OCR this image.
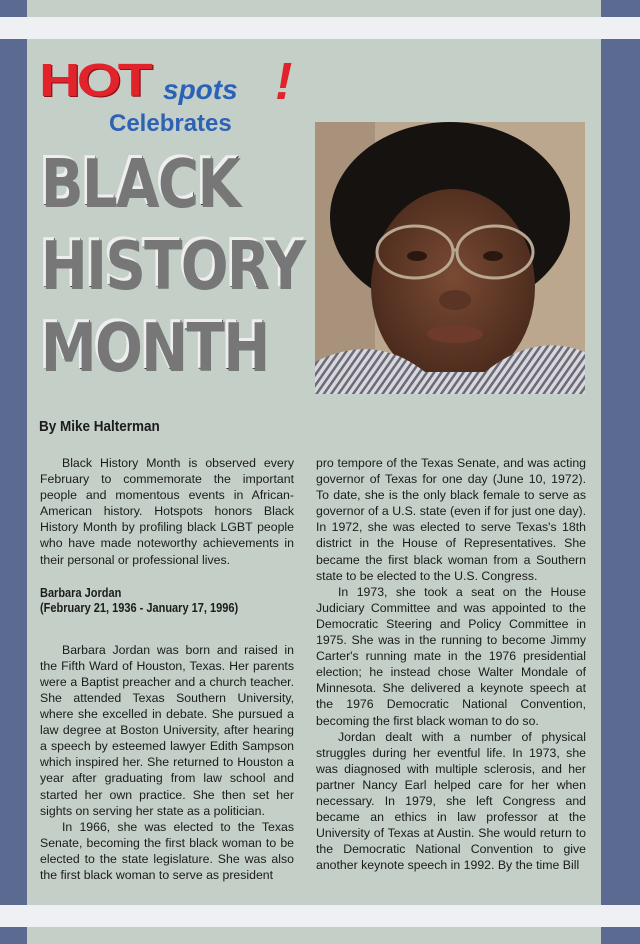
HOT spots !
Celebrates
BLACK
HISTORY
MONTH
By Mike Halterman

Black History Month is observed every February to commemorate the important people and momentous events in African-American history. Hotspots honors Black History Month by profiling black LGBT people who have made noteworthy achievements in their personal or professional lives.

Barbara Jordan
(February 21, 1936 - January 17, 1996)

Barbara Jordan was born and raised in the Fifth Ward of Houston, Texas. Her parents were a Baptist preacher and a church teacher. She attended Texas Southern University, where she excelled in debate. She pursued a law degree at Boston University, after hearing a speech by esteemed lawyer Edith Sampson which inspired her. She returned to Houston a year after graduating from law school and started her own practice. She then set her sights on serving her state as a politician.

In 1966, she was elected to the Texas Senate, becoming the first black woman to be elected to the state legislature. She was also the first black woman to serve as president

pro tempore of the Texas Senate, and was acting governor of Texas for one day (June 10, 1972). To date, she is the only black female to serve as governor of a U.S. state (even if for just one day). In 1972, she was elected to serve Texas's 18th district in the House of Representatives. She became the first black woman from a Southern state to be elected to the U.S. Congress.

In 1973, she took a seat on the House Judiciary Committee and was appointed to the Democratic Steering and Policy Committee in 1975. She was in the running to become Jimmy Carter's running mate in the 1976 presidential election; he instead chose Walter Mondale of Minnesota. She delivered a keynote speech at the 1976 Democratic National Convention, becoming the first black woman to do so.

Jordan dealt with a number of physical struggles during her eventful life. In 1973, she was diagnosed with multiple sclerosis, and her partner Nancy Earl helped care for her when necessary. In 1979, she left Congress and became an ethics in law professor at the University of Texas at Austin. She would return to the Democratic National Convention to give another keynote speech in 1992. By the time Bill
